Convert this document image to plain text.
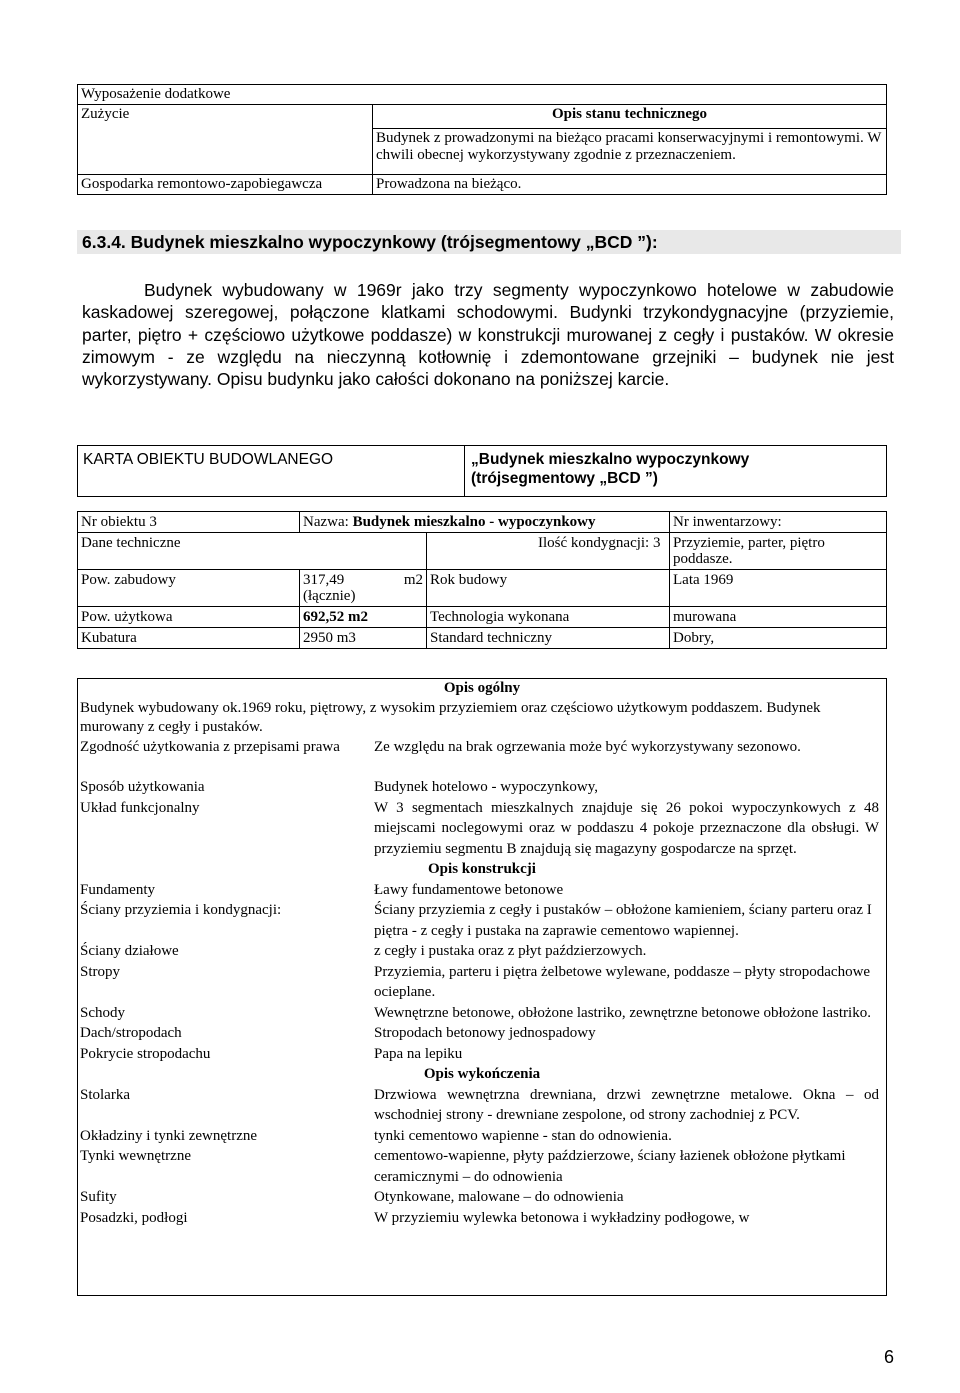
Wyposażenie dodatkowe	
Zużycie	Opis stanu technicznego
	Budynek z prowadzonymi na bieżąco pracami konserwacyjnymi i remontowymi. W chwili obecnej wykorzystywany zgodnie z przeznaczeniem.
Gospodarka remontowo-zapobiegawcza	Prowadzona na bieżąco.
6.3.4. Budynek mieszkalno wypoczynkowy (trójsegmentowy „BCD ”):
Budynek wybudowany w 1969r jako trzy segmenty wypoczynkowo hotelowe w zabudowie kaskadowej szeregowej, połączone klatkami schodowymi. Budynki trzykondygnacyjne (przyziemie, parter, piętro + częściowo użytkowe poddasze) w konstrukcji murowanej z cegły i pustaków. W okresie zimowym - ze względu na nieczynną kotłownię i zdemontowane grzejniki – budynek nie jest wykorzystywany. Opisu budynku jako całości dokonano na poniższej karcie.
KARTA OBIEKTU BUDOWLANEGO	„Budynek mieszkalno wypoczynkowy
(trójsegmentowy „BCD ”)
Nr obiektu 3	Nazwa: Budynek mieszkalno - wypoczynkowy		Nr inwentarzowy:
Dane techniczne		Ilość kondygnacji: 3	Przyziemie, parter, piętro poddasze.
Pow. zabudowy	317,49 m2 (łącznie)	Rok budowy	Lata 1969
Pow. użytkowa	692,52 m2	Technologia wykonana	murowana
Kubatura	2950 m3	Standard techniczny	Dobry,
Opis ogólny
Budynek wybudowany ok.1969 roku, piętrowy, z wysokim przyziemiem oraz częściowo użytkowym poddaszem. Budynek murowany z cegły i pustaków.
Zgodność użytkowania z przepisami prawa	Ze względu na brak ogrzewania może być wykorzystywany sezonowo.
Sposób użytkowania	Budynek hotelowo - wypoczynkowy,
Układ funkcjonalny	W 3 segmentach mieszkalnych znajduje się 26 pokoi wypoczynkowych z 48 miejscami noclegowymi oraz w poddaszu 4 pokoje przeznaczone dla obsługi. W przyziemiu segmentu B znajdują się magazyny gospodarcze na sprzęt.
Opis konstrukcji
Fundamenty	Ławy fundamentowe betonowe
Ściany przyziemia i kondygnacji:	Ściany przyziemia z cegły i pustaków – obłożone kamieniem, ściany parteru oraz I piętra - z cegły i pustaka na zaprawie cementowo wapiennej.
Ściany działowe	z cegły i pustaka oraz z płyt paździerzowych.
Stropy	Przyziemia, parteru i piętra żelbetowe wylewane, poddasze – płyty stropodachowe ocieplane.
Schody	Wewnętrzne betonowe, obłożone lastriko, zewnętrzne betonowe obłożone lastriko.
Dach/stropodach	Stropodach betonowy jednospadowy
Pokrycie stropodachu	Papa na lepiku
Opis wykończenia
Stolarka	Drzwiowa wewnętrzna drewniana, drzwi zewnętrzne metalowe. Okna – od wschodniej strony - drewniane zespolone, od strony zachodniej z PCV.
Okładziny i tynki zewnętrzne	tynki cementowo wapienne - stan do odnowienia.
Tynki wewnętrzne	cementowo-wapienne, płyty paździerzowe, ściany łazienek obłożone płytkami ceramicznymi – do odnowienia
Sufity	Otynkowane, malowane – do odnowienia
Posadzki, podłogi	W przyziemiu wylewka betonowa i wykładziny podłogowe, w
6
